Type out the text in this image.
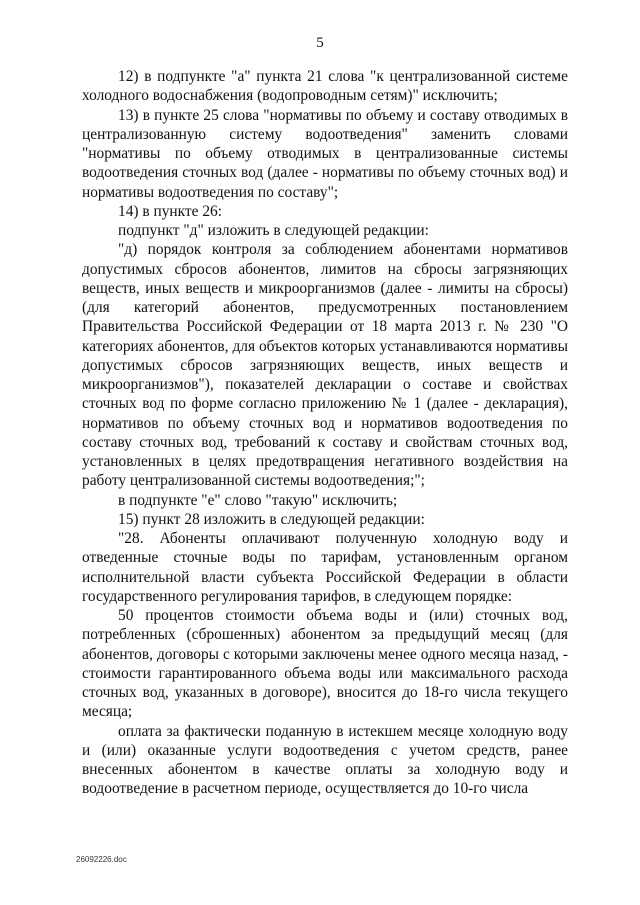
5

12) в подпункте "а" пункта 21 слова "к централизованной системе холодного водоснабжения (водопроводным сетям)" исключить;

13) в пункте 25 слова "нормативы по объему и составу отводимых в централизованную систему водоотведения" заменить словами "нормативы по объему отводимых в централизованные системы водоотведения сточных вод (далее - нормативы по объему сточных вод) и нормативы водоотведения по составу";

14) в пункте 26:

подпункт "д" изложить в следующей редакции:

"д) порядок контроля за соблюдением абонентами нормативов допустимых сбросов абонентов, лимитов на сбросы загрязняющих веществ, иных веществ и микроорганизмов (далее - лимиты на сбросы) (для категорий абонентов, предусмотренных постановлением Правительства Российской Федерации от 18 марта 2013 г. № 230 "О категориях абонентов, для объектов которых устанавливаются нормативы допустимых сбросов загрязняющих веществ, иных веществ и микроорганизмов"), показателей декларации о составе и свойствах сточных вод по форме согласно приложению № 1 (далее - декларация), нормативов по объему сточных вод и нормативов водоотведения по составу сточных вод, требований к составу и свойствам сточных вод, установленных в целях предотвращения негативного воздействия на работу централизованной системы водоотведения;";

в подпункте "е" слово "такую" исключить;

15) пункт 28 изложить в следующей редакции:

"28. Абоненты оплачивают полученную холодную воду и отведенные сточные воды по тарифам, установленным органом исполнительной власти субъекта Российской Федерации в области государственного регулирования тарифов, в следующем порядке:

50 процентов стоимости объема воды и (или) сточных вод, потребленных (сброшенных) абонентом за предыдущий месяц (для абонентов, договоры с которыми заключены менее одного месяца назад, - стоимости гарантированного объема воды или максимального расхода сточных вод, указанных в договоре), вносится до 18-го числа текущего месяца;

оплата за фактически поданную в истекшем месяце холодную воду и (или) оказанные услуги водоотведения с учетом средств, ранее внесенных абонентом в качестве оплаты за холодную воду и водоотведение в расчетном периоде, осуществляется до 10-го числа

26092226.doc
